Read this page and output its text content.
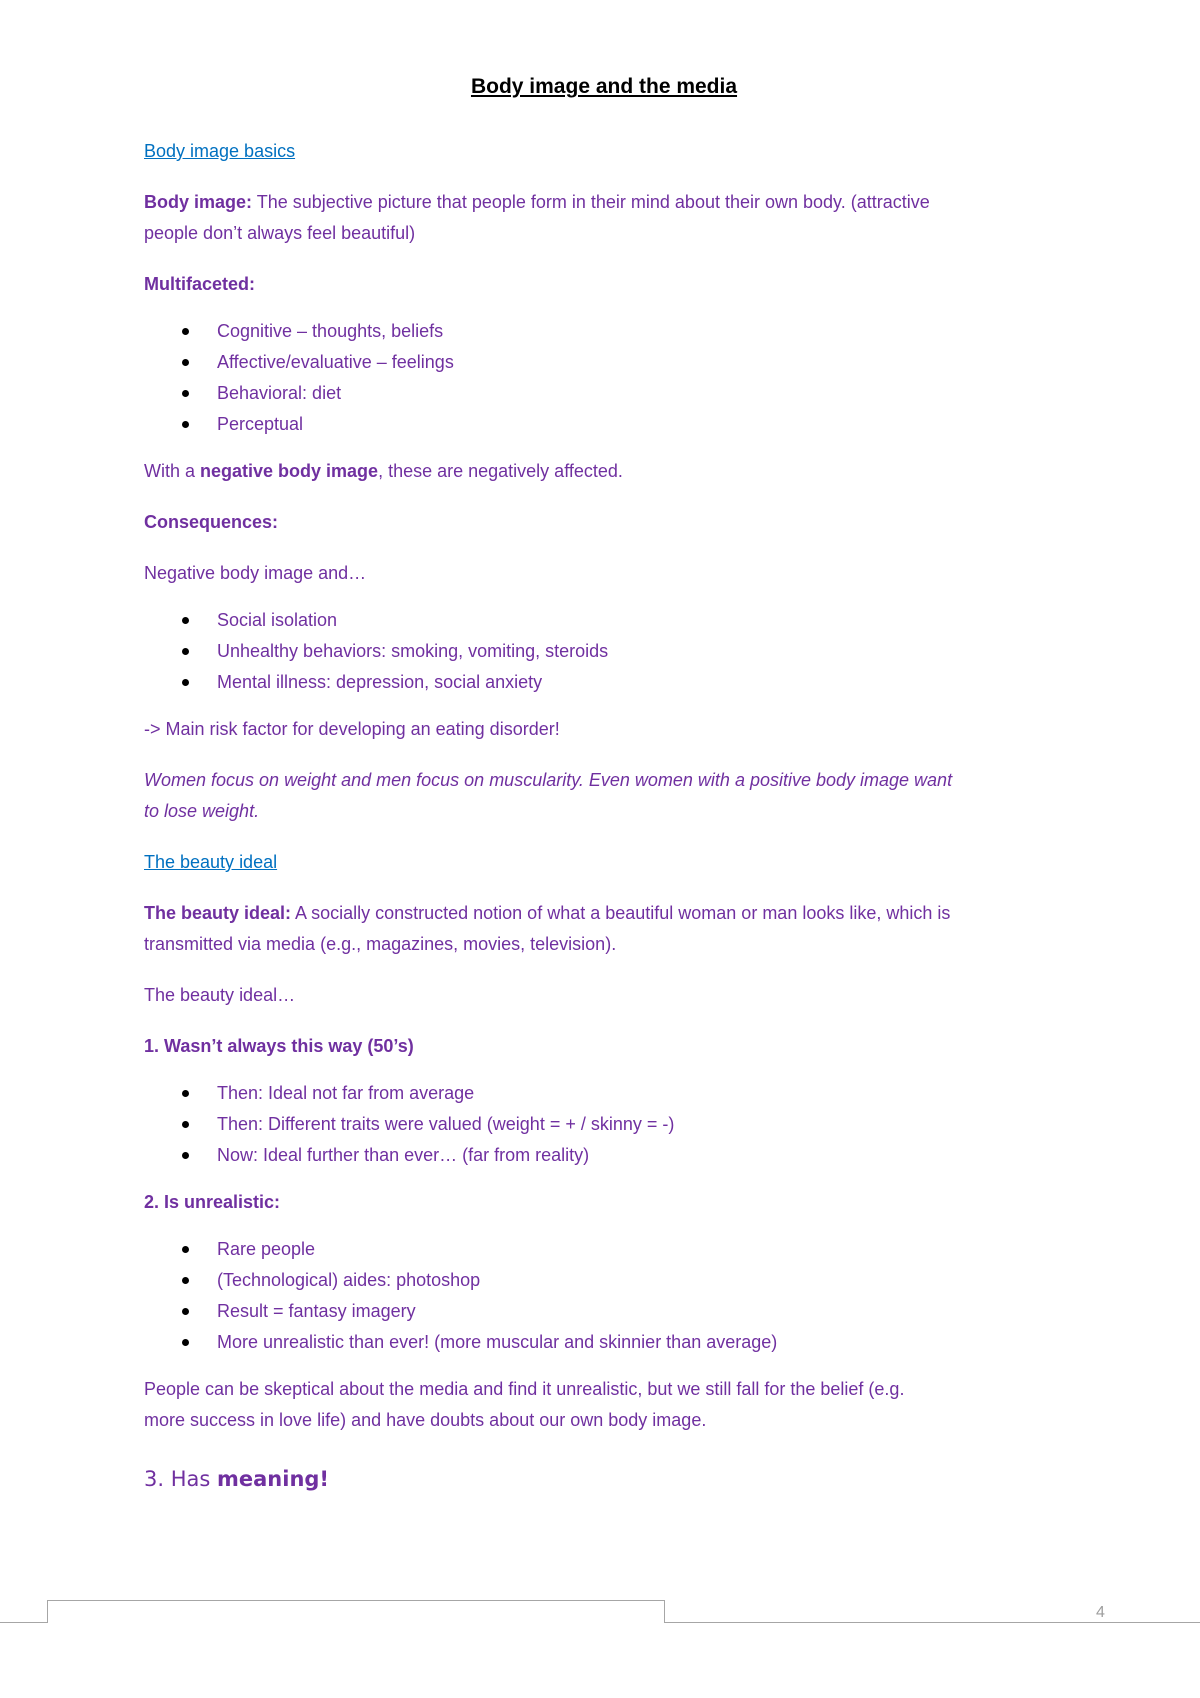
Body image and the media

Body image basics

Body image: The subjective picture that people form in their mind about their own body. (attractive
people don’t always feel beautiful)

Multifaceted:

Cognitive – thoughts, beliefs
Affective/evaluative – feelings
Behavioral: diet
Perceptual

With a negative body image, these are negatively affected.

Consequences:

Negative body image and…

Social isolation
Unhealthy behaviors: smoking, vomiting, steroids
Mental illness: depression, social anxiety

-> Main risk factor for developing an eating disorder!

Women focus on weight and men focus on muscularity. Even women with a positive body image want
to lose weight.

The beauty ideal

The beauty ideal: A socially constructed notion of what a beautiful woman or man looks like, which is
transmitted via media (e.g., magazines, movies, television).

The beauty ideal…

1. Wasn’t always this way (50’s)

Then: Ideal not far from average
Then: Different traits were valued (weight = + / skinny = -)
Now: Ideal further than ever… (far from reality)

2. Is unrealistic:

Rare people
(Technological) aides: photoshop
Result = fantasy imagery
More unrealistic than ever! (more muscular and skinnier than average)

People can be skeptical about the media and find it unrealistic, but we still fall for the belief (e.g.
more success in love life) and have doubts about our own body image.

3. Has meaning!

4
